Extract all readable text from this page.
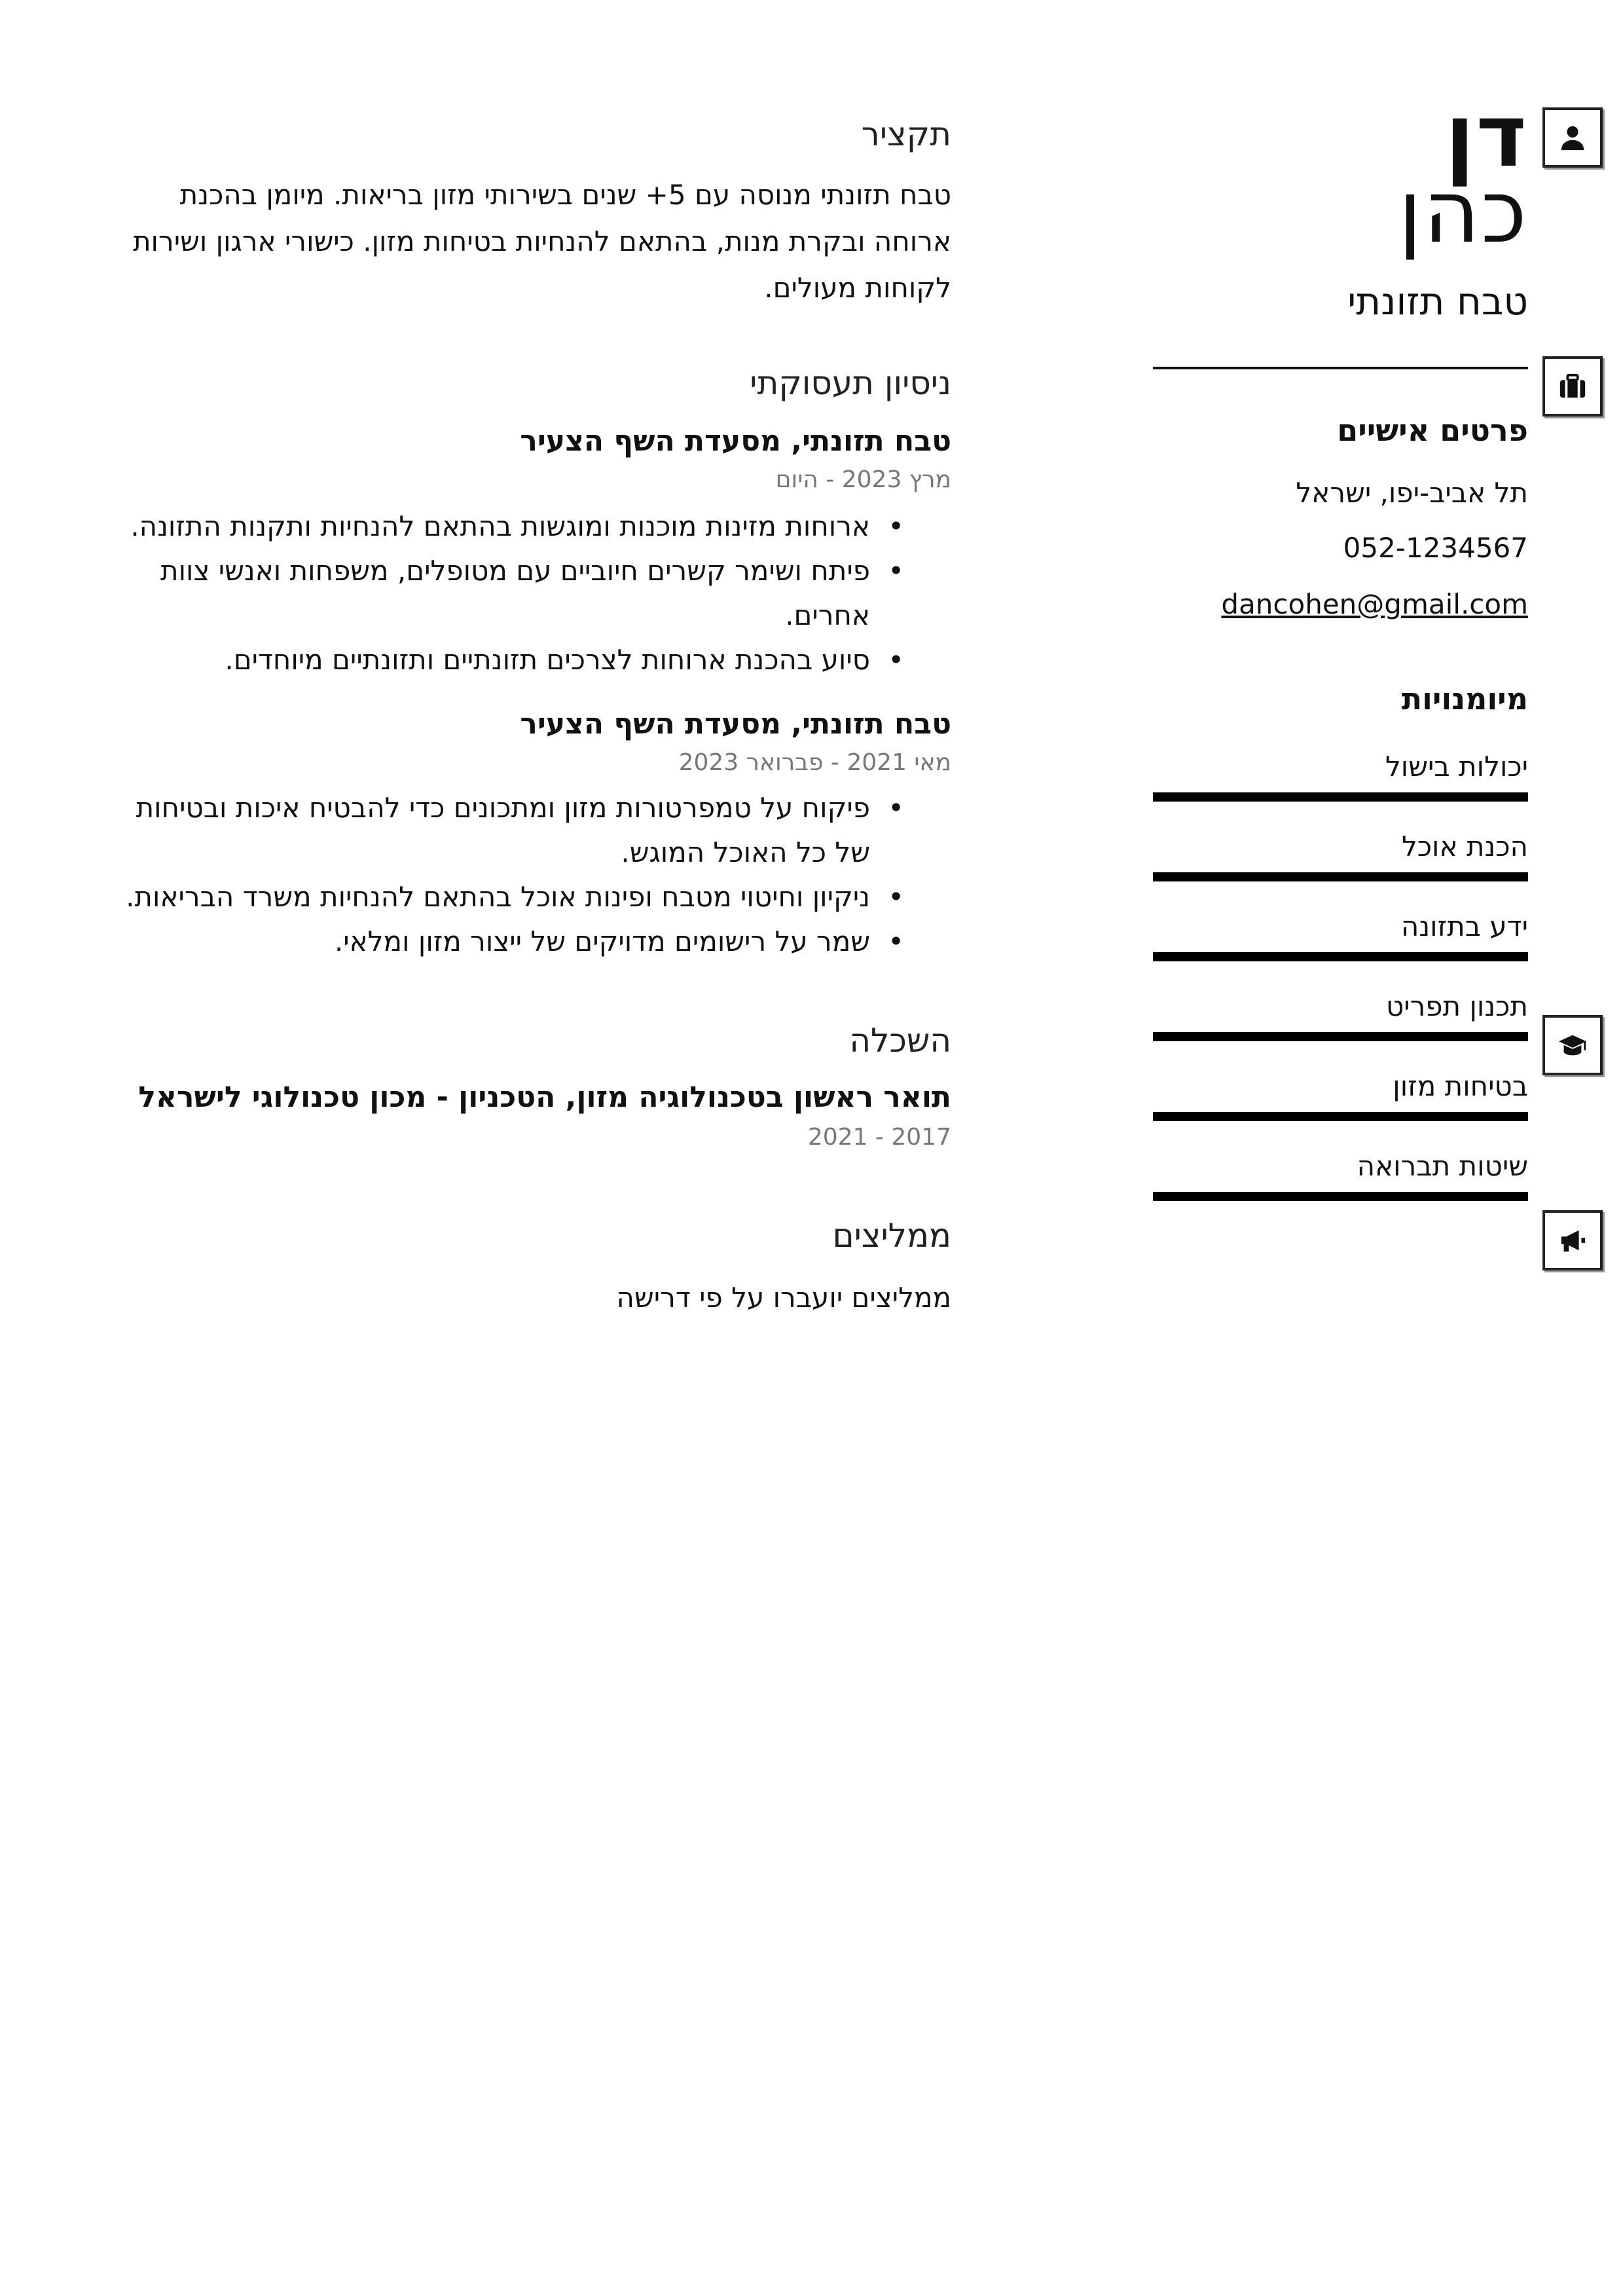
דן
כהן
טבח תזונתי
פרטים אישיים
תל אביב-יפו, ישראל
052-1234567
dancohen@gmail.com
מיומנויות
יכולות בישול
הכנת אוכל
ידע בתזונה
תכנון תפריט
בטיחות מזון
שיטות תברואה
תקציר
טבח תזונתי מנוסה עם 5+ שנים בשירותי מזון בריאות. מיומן בהכנת ארוחה ובקרת מנות, בהתאם להנחיות בטיחות מזון. כישורי ארגון ושירות לקוחות מעולים.
ניסיון תעסוקתי
טבח תזונתי, מסעדת השף הצעיר
מרץ 2023 - היום
• ארוחות מזינות מוכנות ומוגשות בהתאם להנחיות ותקנות התזונה.
• פיתח ושימר קשרים חיוביים עם מטופלים, משפחות ואנשי צוות אחרים.
• סיוע בהכנת ארוחות לצרכים תזונתיים ותזונתיים מיוחדים.
טבח תזונתי, מסעדת השף הצעיר
מאי 2021 - פברואר 2023
• פיקוח על טמפרטורות מזון ומתכונים כדי להבטיח איכות ובטיחות של כל האוכל המוגש.
• ניקיון וחיטוי מטבח ופינות אוכל בהתאם להנחיות משרד הבריאות.
• שמר על רישומים מדויקים של ייצור מזון ומלאי.
השכלה
תואר ראשון בטכנולוגיה מזון, הטכניון - מכון טכנולוגי לישראל
2017 - 2021
ממליצים
ממליצים יועברו על פי דרישה
